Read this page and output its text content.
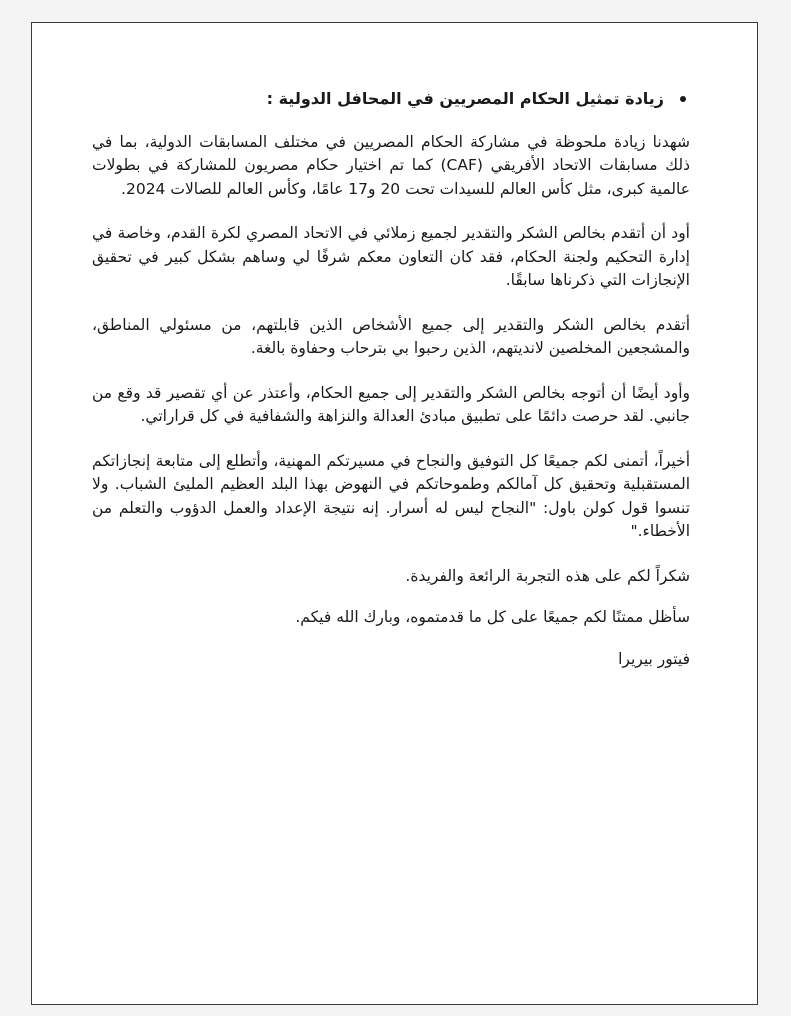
زيادة تمثيل الحكام المصريين في المحافل الدولية :

شهدنا زيادة ملحوظة في مشاركة الحكام المصريين في مختلف المسابقات الدولية، بما في ذلك مسابقات الاتحاد الأفريقي (CAF) كما تم اختيار حكام مصريون للمشاركة في بطولات عالمية كبرى، مثل كأس العالم للسيدات تحت 20 و17 عامًا، وكأس العالم للصالات 2024.

أود أن أتقدم بخالص الشكر والتقدير لجميع زملائي في الاتحاد المصري لكرة القدم، وخاصة في إدارة التحكيم ولجنة الحكام، فقد كان التعاون معكم شرفًا لي وساهم بشكل كبير في تحقيق الإنجازات التي ذكرناها سابقًا.

أتقدم بخالص الشكر والتقدير إلى جميع الأشخاص الذين قابلتهم، من مسئولي المناطق، والمشجعين المخلصين لانديتهم، الذين رحبوا بي بترحاب وحفاوة بالغة.

وأود أيضًا أن أتوجه بخالص الشكر والتقدير إلى جميع الحكام، وأعتذر عن أي تقصير قد وقع من جانبي. لقد حرصت دائمًا على تطبيق مبادئ العدالة والنزاهة والشفافية في كل قراراتي.

أخيراً، أتمنى لكم جميعًا كل التوفيق والنجاح في مسيرتكم المهنية، وأتطلع إلى متابعة إنجازاتكم المستقبلية وتحقيق كل آمالكم وطموحاتكم في النهوض بهذا البلد العظيم المليئ الشباب. ولا تنسوا قول كولن باول: "النجاح ليس له أسرار. إنه نتيجة الإعداد والعمل الدؤوب والتعلم من الأخطاء."

شكراً لكم على هذه التجربة الرائعة والفريدة.
سأظل ممتنًا لكم جميعًا على كل ما قدمتموه، وبارك الله فيكم.
فيتور بيريرا
